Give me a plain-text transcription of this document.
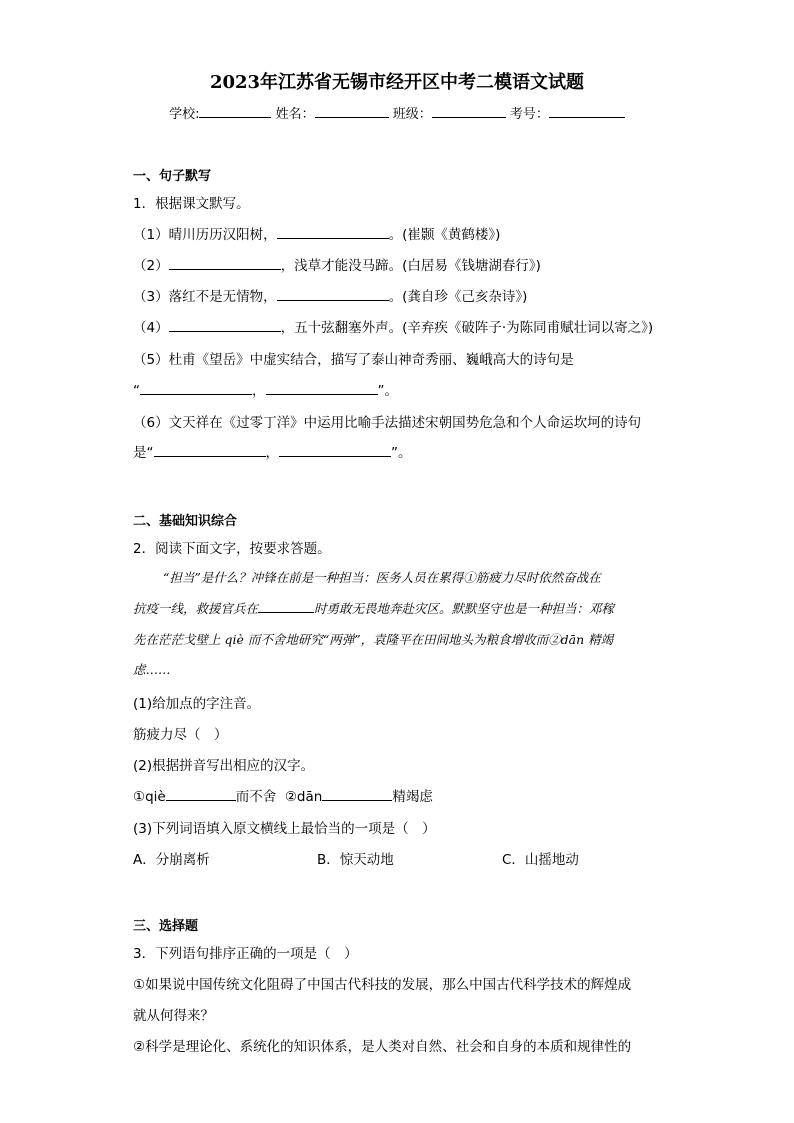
2023年江苏省无锡市经开区中考二模语文试题
学校:	姓名：	班级：	考号：
一、句子默写
1．根据课文默写。
（1）晴川历历汉阳树，	。(崔颢《黄鹤楼》)
（2）	，浅草才能没马蹄。(白居易《钱塘湖春行》)
（3）落红不是无情物，	。(龚自珍《己亥杂诗》)
（4）	，五十弦翻塞外声。(辛弃疾《破阵子·为陈同甫赋壮词以寄之》)
（5）杜甫《望岳》中虚实结合，描写了泰山神奇秀丽、巍峨高大的诗句是
“	，	”。
（6）文天祥在《过零丁洋》中运用比喻手法描述宋朝国势危急和个人命运坎坷的诗句
是“	，	”。
二、基础知识综合
2．阅读下面文字，按要求答题。
“担当”是什么？冲锋在前是一种担当：医务人员在累得①筋疲力尽时依然奋战在
抗疫一线，救援官兵在	时勇敢无畏地奔赴灾区。默默坚守也是一种担当：邓稼
先在茫茫戈壁上 qiè 而不舍地研究“两弹”，袁隆平在田间地头为粮食增收而②dān 精竭
虑……
(1)给加点的字注音。
筋疲力尽（　）
(2)根据拼音写出相应的汉字。
①qiè	而不舍 ②dān	精竭虑
(3)下列词语填入原文横线上最恰当的一项是（　）
A．分崩离析	B．惊天动地	C．山摇地动
三、选择题
3．下列语句排序正确的一项是（　）
①如果说中国传统文化阻碍了中国古代科技的发展，那么中国古代科学技术的辉煌成
就从何得来？
②科学是理论化、系统化的知识体系，是人类对自然、社会和自身的本质和规律性的
